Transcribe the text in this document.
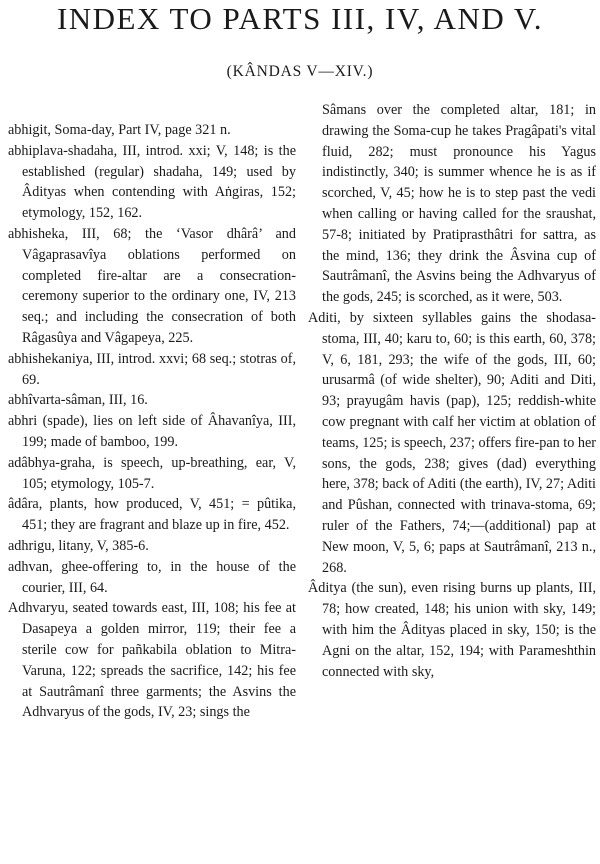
INDEX TO PARTS III, IV, AND V.
(KÂNDAS V—XIV.)
abhigit, Soma-day, Part IV, page 321 n.
abhiplava-shadaha, III, introd. xxi; V, 148; is the established (regular) shadaha, 149; used by Âdityas when contending with Aṅgiras, 152; etymology, 152, 162.
abhisheka, III, 68; the ‘Vasor dhârâ’ and Vâgaprasavîya oblations performed on completed fire-altar are a consecration-ceremony superior to the ordinary one, IV, 213 seq.; and including the consecration of both Râgasûya and Vâgapeya, 225.
abhishekaniya, III, introd. xxvi; 68 seq.; stotras of, 69.
abhîvarta-sâman, III, 16.
abhri (spade), lies on left side of Âhavanîya, III, 199; made of bamboo, 199.
adâbhya-graha, is speech, up-breathing, ear, V, 105; etymology, 105-7.
âdâra, plants, how produced, V, 451; = pûtika, 451; they are fragrant and blaze up in fire, 452.
adhrigu, litany, V, 385-6.
adhvan, ghee-offering to, in the house of the courier, III, 64.
Adhvaryu, seated towards east, III, 108; his fee at Dasapeya a golden mirror, 119; their fee a sterile cow for pañkabila oblation to Mitra-Varuna, 122; spreads the sacrifice, 142; his fee at Sautrâmanî three garments; the Asvins the Adhvaryus of the gods, IV, 23; sings the
Sâmans over the completed altar, 181; in drawing the Soma-cup he takes Pragâpati's vital fluid, 282; must pronounce his Yagus indistinctly, 340; is summer whence he is as if scorched, V, 45; how he is to step past the vedi when calling or having called for the sraushat, 57-8; initiated by Pratiprasthâtri for sattra, as the mind, 136; they drink the Âsvina cup of Sautrâmanî, the Asvins being the Adhvaryus of the gods, 245; is scorched, as it were, 503.
Aditi, by sixteen syllables gains the shodasa-stoma, III, 40; karu to, 60; is this earth, 60, 378; V, 6, 181, 293; the wife of the gods, III, 60; urusarmâ (of wide shelter), 90; Aditi and Diti, 93; prayugâm havis (pap), 125; reddish-white cow pregnant with calf her victim at oblation of teams, 125; is speech, 237; offers fire-pan to her sons, the gods, 238; gives (dad) everything here, 378; back of Aditi (the earth), IV, 27; Aditi and Pûshan, connected with trinava-stoma, 69; ruler of the Fathers, 74;—(additional) pap at New moon, V, 5, 6; paps at Sautrâmanî, 213 n., 268.
Âditya (the sun), even rising burns up plants, III, 78; how created, 148; his union with sky, 149; with him the Âdityas placed in sky, 150; is the Agni on the altar, 152, 194; with Parameshthin connected with sky,
